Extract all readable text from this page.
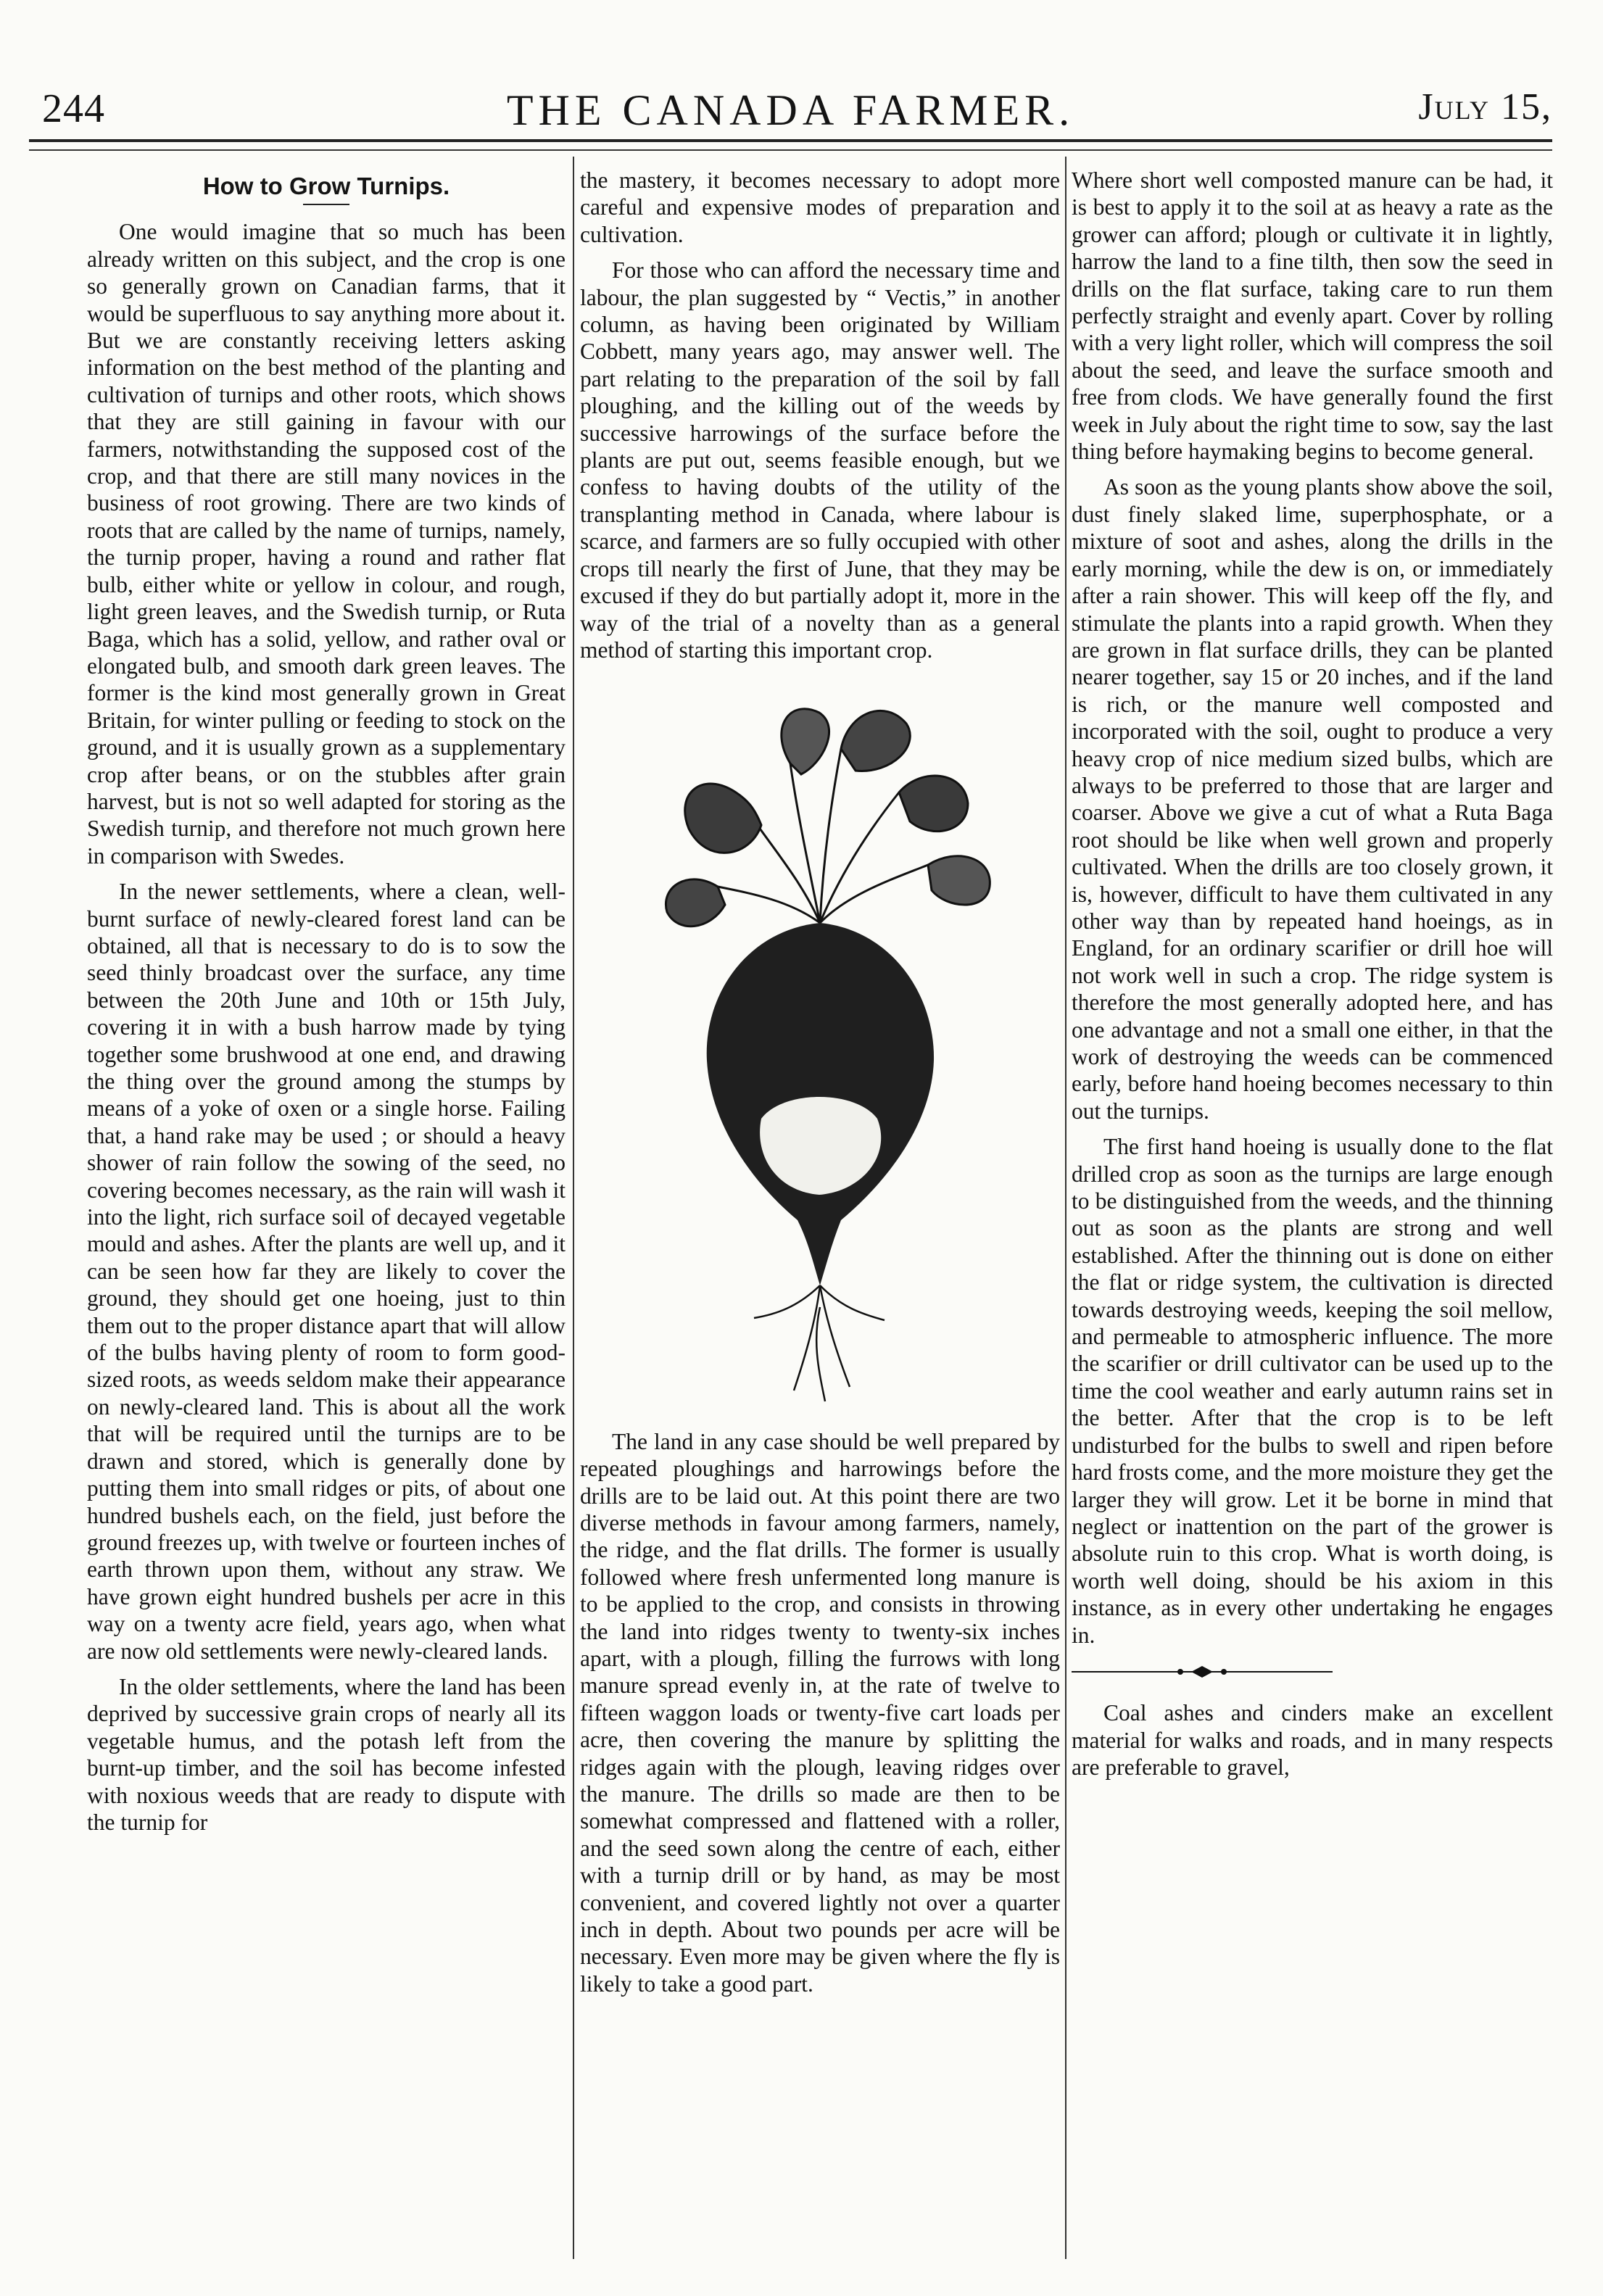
244	THE CANADA FARMER.	July 15,
How to Grow Turnips.

One would imagine that so much has been already written on this subject, and the crop is one so generally grown on Canadian farms, that it would be superfluous to say anything more about it. But we are constantly receiving letters asking information on the best method of the planting and cultivation of turnips and other roots, which shows that they are still gaining in favour with our farmers, notwithstanding the supposed cost of the crop, and that there are still many novices in the business of root growing. There are two kinds of roots that are called by the name of turnips, namely, the turnip proper, having a round and rather flat bulb, either white or yellow in colour, and rough, light green leaves, and the Swedish turnip, or Ruta Baga, which has a solid, yellow, and rather oval or elongated bulb, and smooth dark green leaves. The former is the kind most generally grown in Great Britain, for winter pulling or feeding to stock on the ground, and it is usually grown as a supplementary crop after beans, or on the stubbles after grain harvest, but is not so well adapted for storing as the Swedish turnip, and therefore not much grown here in comparison with Swedes.

In the newer settlements, where a clean, well-burnt surface of newly-cleared forest land can be obtained, all that is necessary to do is to sow the seed thinly broadcast over the surface, any time between the 20th June and 10th or 15th July, covering it in with a bush harrow made by tying together some brushwood at one end, and drawing the thing over the ground among the stumps by means of a yoke of oxen or a single horse. Failing that, a hand rake may be used ; or should a heavy shower of rain follow the sowing of the seed, no covering becomes necessary, as the rain will wash it into the light, rich surface soil of decayed vegetable mould and ashes. After the plants are well up, and it can be seen how far they are likely to cover the ground, they should get one hoeing, just to thin them out to the proper distance apart that will allow of the bulbs having plenty of room to form good-sized roots, as weeds seldom make their appearance on newly-cleared land. This is about all the work that will be required until the turnips are to be drawn and stored, which is generally done by putting them into small ridges or pits, of about one hundred bushels each, on the field, just before the ground freezes up, with twelve or fourteen inches of earth thrown upon them, without any straw. We have grown eight hundred bushels per acre in this way on a twenty acre field, years ago, when what are now old settlements were newly-cleared lands.

In the older settlements, where the land has been deprived by successive grain crops of nearly all its vegetable humus, and the potash left from the burnt-up timber, and the soil has become infested with noxious weeds that are ready to dispute with the turnip for

the mastery, it becomes necessary to adopt more careful and expensive modes of preparation and cultivation.

For those who can afford the necessary time and labour, the plan suggested by “ Vectis,” in another column, as having been originated by William Cobbett, many years ago, may answer well. The part relating to the preparation of the soil by fall ploughing, and the killing out of the weeds by successive harrowings of the surface before the plants are put out, seems feasible enough, but we confess to having doubts of the utility of the transplanting method in Canada, where labour is scarce, and farmers are so fully occupied with other crops till nearly the first of June, that they may be excused if they do but partially adopt it, more in the way of the trial of a novelty than as a general method of starting this important crop.

The land in any case should be well prepared by repeated ploughings and harrowings before the drills are to be laid out. At this point there are two diverse methods in favour among farmers, namely, the ridge, and the flat drills. The former is usually followed where fresh unfermented long manure is to be applied to the crop, and consists in throwing the land into ridges twenty to twenty-six inches apart, with a plough, filling the furrows with long manure spread evenly in, at the rate of twelve to fifteen waggon loads or twenty-five cart loads per acre, then covering the manure by splitting the ridges again with the plough, leaving ridges over the manure. The drills so made are then to be somewhat compressed and flattened with a roller, and the seed sown along the centre of each, either with a turnip drill or by hand, as may be most convenient, and covered lightly not over a quarter inch in depth. About two pounds per acre will be necessary. Even more may be given where the fly is likely to take a good part.

Where short well composted manure can be had, it is best to apply it to the soil at as heavy a rate as the grower can afford; plough or cultivate it in lightly, harrow the land to a fine tilth, then sow the seed in drills on the flat surface, taking care to run them perfectly straight and evenly apart. Cover by rolling with a very light roller, which will compress the soil about the seed, and leave the surface smooth and free from clods. We have generally found the first week in July about the right time to sow, say the last thing before haymaking begins to become general.

As soon as the young plants show above the soil, dust finely slaked lime, superphosphate, or a mixture of soot and ashes, along the drills in the early morning, while the dew is on, or immediately after a rain shower. This will keep off the fly, and stimulate the plants into a rapid growth. When they are grown in flat surface drills, they can be planted nearer together, say 15 or 20 inches, and if the land is rich, or the manure well composted and incorporated with the soil, ought to produce a very heavy crop of nice medium sized bulbs, which are always to be preferred to those that are larger and coarser. Above we give a cut of what a Ruta Baga root should be like when well grown and properly cultivated. When the drills are too closely grown, it is, however, difficult to have them cultivated in any other way than by repeated hand hoeings, as in England, for an ordinary scarifier or drill hoe will not work well in such a crop. The ridge system is therefore the most generally adopted here, and has one advantage and not a small one either, in that the work of destroying the weeds can be commenced early, before hand hoeing becomes necessary to thin out the turnips.

The first hand hoeing is usually done to the flat drilled crop as soon as the turnips are large enough to be distinguished from the weeds, and the thinning out as soon as the plants are strong and well established. After the thinning out is done on either the flat or ridge system, the cultivation is directed towards destroying weeds, keeping the soil mellow, and permeable to atmospheric influence. The more the scarifier or drill cultivator can be used up to the time the cool weather and early autumn rains set in the better. After that the crop is to be left undisturbed for the bulbs to swell and ripen before hard frosts come, and the more moisture they get the larger they will grow. Let it be borne in mind that neglect or inattention on the part of the grower is absolute ruin to this crop. What is worth doing, is worth well doing, should be his axiom in this instance, as in every other undertaking he engages in.

Coal ashes and cinders make an excellent material for walks and roads, and in many respects are preferable to gravel,
